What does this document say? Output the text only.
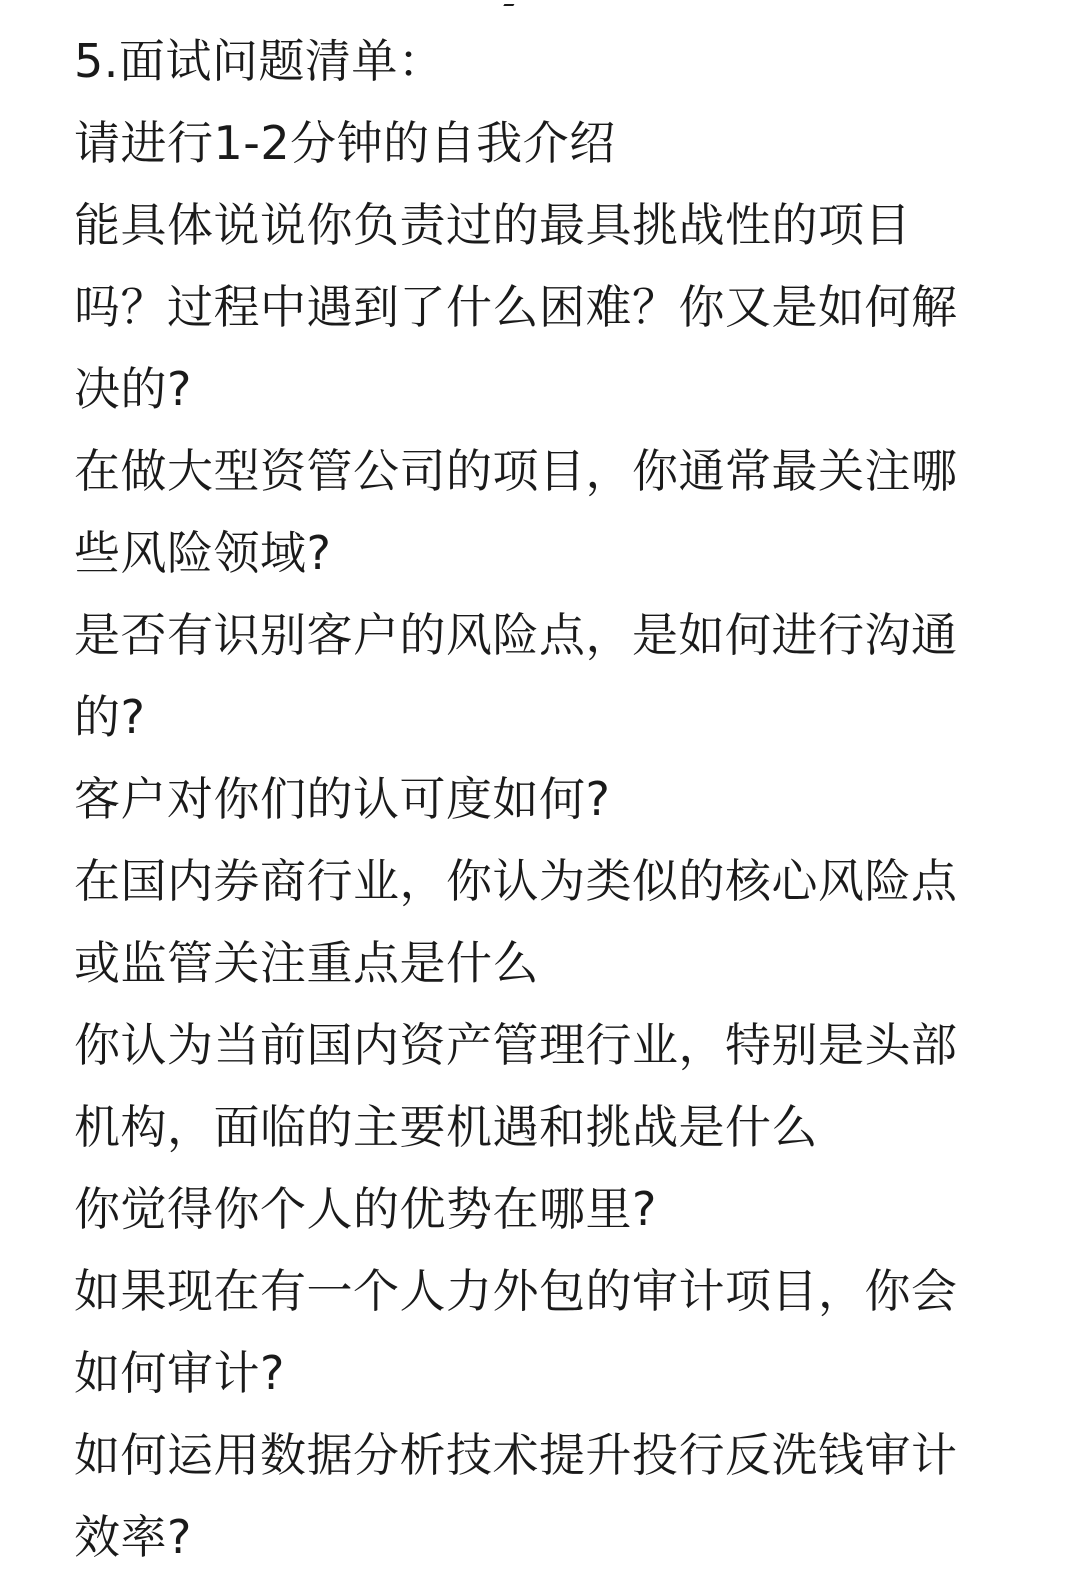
5.面试问题清单：
请进行1-2分钟的自我介绍
能具体说说你负责过的最具挑战性的项目
吗？过程中遇到了什么困难？你又是如何解
决的?
在做大型资管公司的项目，你通常最关注哪
些风险领域?
是否有识别客户的风险点，是如何进行沟通
的?
客户对你们的认可度如何?
在国内券商行业，你认为类似的核心风险点
或监管关注重点是什么
你认为当前国内资产管理行业，特别是头部
机构，面临的主要机遇和挑战是什么
你觉得你个人的优势在哪里?
如果现在有一个人力外包的审计项目，你会
如何审计?
如何运用数据分析技术提升投行反洗钱审计
效率?
